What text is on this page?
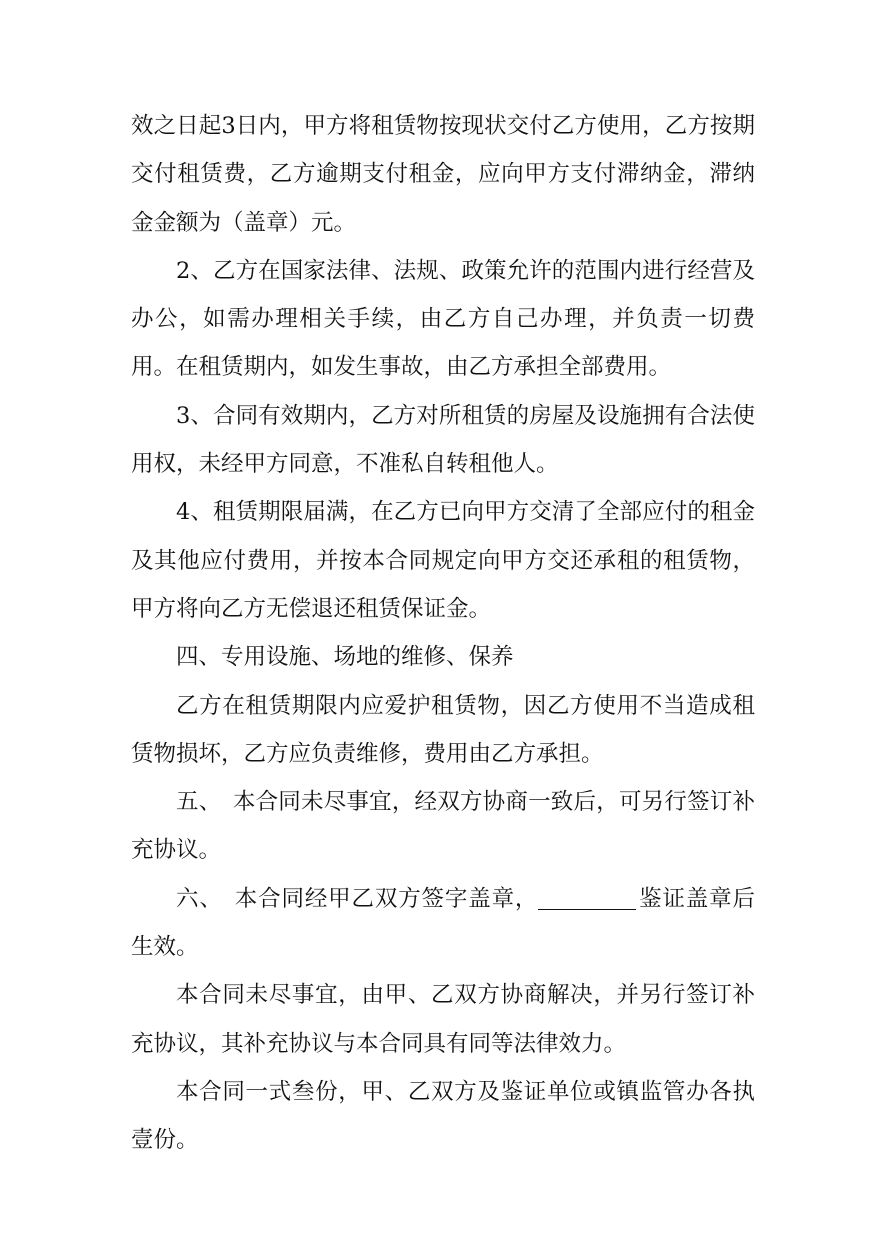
效之日起3日内，甲方将租赁物按现状交付乙方使用，乙方按期交付租赁费，乙方逾期支付租金，应向甲方支付滞纳金，滞纳金金额为（盖章）元。

2、乙方在国家法律、法规、政策允许的范围内进行经营及办公，如需办理相关手续，由乙方自己办理，并负责一切费用。在租赁期内，如发生事故，由乙方承担全部费用。

3、合同有效期内，乙方对所租赁的房屋及设施拥有合法使用权，未经甲方同意，不准私自转租他人。

4、租赁期限届满，在乙方已向甲方交清了全部应付的租金及其他应付费用，并按本合同规定向甲方交还承租的租赁物，甲方将向乙方无偿退还租赁保证金。

四、专用设施、场地的维修、保养

乙方在租赁期限内应爱护租赁物，因乙方使用不当造成租赁物损坏，乙方应负责维修，费用由乙方承担。

五、　本合同未尽事宜，经双方协商一致后，可另行签订补充协议。

六、　本合同经甲乙双方签字盖章，	鉴证盖章后生效。

本合同未尽事宜，由甲、乙双方协商解决，并另行签订补充协议，其补充协议与本合同具有同等法律效力。

本合同一式叁份，甲、乙双方及鉴证单位或镇监管办各执壹份。
